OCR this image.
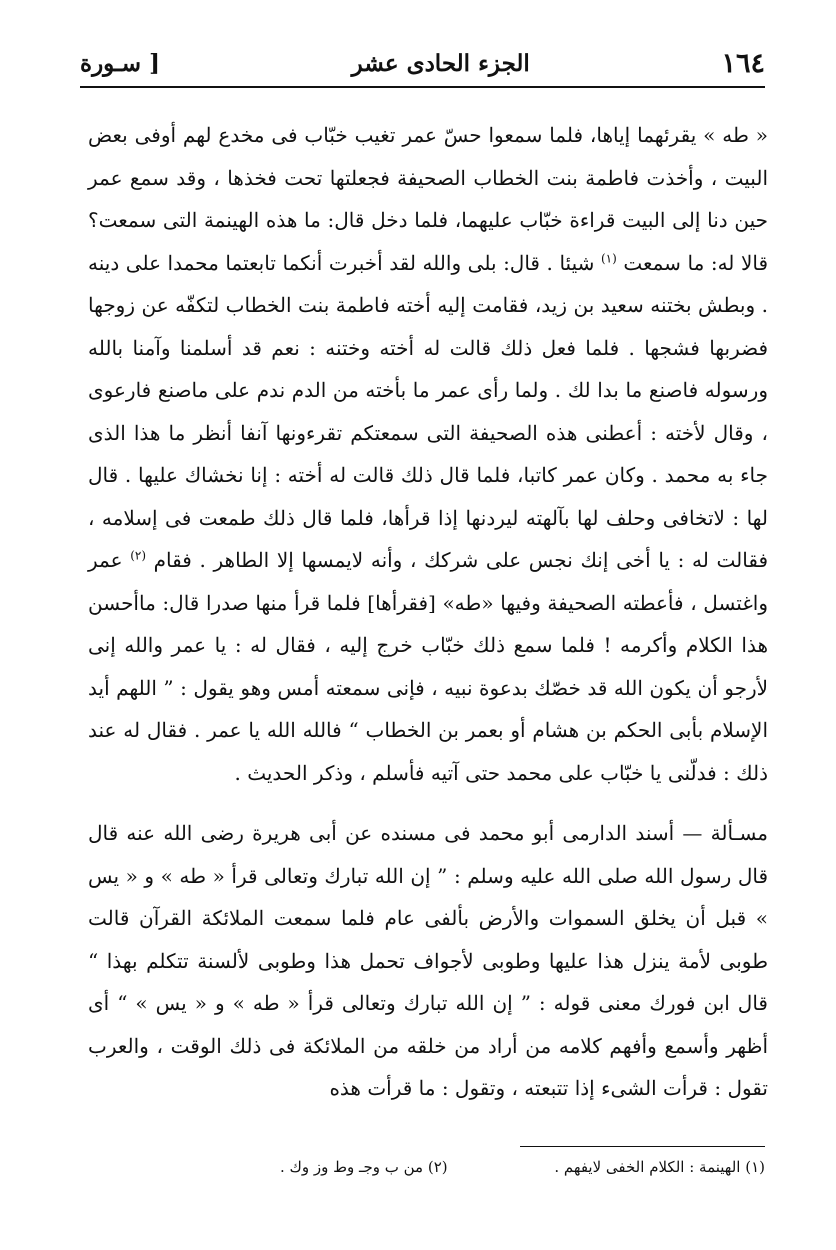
١٦٤
الجزء الحادى عشر
[ سـورة

« طه » يقرئهما إياها، فلما سمعوا حسّ عمر تغيب خبّاب فى مخدع لهم أوفى بعض البيت ، وأخذت فاطمة بنت الخطاب الصحيفة فجعلتها تحت فخذها ، وقد سمع عمر حين دنا إلى البيت قراءة خبّاب عليهما، فلما دخل قال: ما هذه الهينمة التى سمعت؟ قالا له: ما سمعت $^{(١)}$ شيئا . قال: بلى والله لقد أخبرت أنكما تابعتما محمدا على دينه . وبطش بختنه سعيد بن زيد، فقامت إليه أخته فاطمة بنت الخطاب لتكفّه عن زوجها فضربها فشجها . فلما فعل ذلك قالت له أخته وختنه : نعم قد أسلمنا وآمنا بالله ورسوله فاصنع ما بدا لك . ولما رأى عمر ما بأخته من الدم ندم على ماصنع فارعوى ، وقال لأخته : أعطنى هذه الصحيفة التى سمعتكم تقرءونها آنفا أنظر ما هذا الذى جاء به محمد . وكان عمر كاتبا، فلما قال ذلك قالت له أخته : إنا نخشاك عليها . قال لها : لاتخافى وحلف لها بآلهته ليردنها إذا قرأها، فلما قال ذلك طمعت فى إسلامه ، فقالت له : يا أخى إنك نجس على شركك ، وأنه لايمسها إلا الطاهر . فقام $^{(٢)}$ عمر واغتسل ، فأعطته الصحيفة وفيها «طه» [فقرأها] فلما قرأ منها صدرا قال: ماأحسن هذا الكلام وأكرمه ! فلما سمع ذلك خبّاب خرج إليه ، فقال له : يا عمر والله إنى لأرجو أن يكون الله قد خصّك بدعوة نبيه ، فإنى سمعته أمس وهو يقول : ” اللهم أيد الإسلام بأبى الحكم بن هشام أو بعمر بن الخطاب “ فالله الله يا عمر . فقال له عند ذلك : فدلّنى يا خبّاب على محمد حتى آتيه فأسلم ، وذكر الحديث .

مسـألة — أسند الدارمى أبو محمد فى مسنده عن أبى هريرة رضى الله عنه قال قال رسول الله صلى الله عليه وسلم : ” إن الله تبارك وتعالى قرأ « طه » و « يس » قبل أن يخلق السموات والأرض بألفى عام فلما سمعت الملائكة القرآن قالت طوبى لأمة ينزل هذا عليها وطوبى لأجواف تحمل هذا وطوبى لألسنة تتكلم بهذا “ قال ابن فورك معنى قوله : ” إن الله تبارك وتعالى قرأ « طه » و « يس » “ أى أظهر وأسمع وأفهم كلامه من أراد من خلقه من الملائكة فى ذلك الوقت ، والعرب تقول : قرأت الشىء إذا تتبعته ، وتقول : ما قرأت هذه

(١) الهينمة : الكلام الخفى لايفهم .
(٢) من ب وجـ وط وز وك .
